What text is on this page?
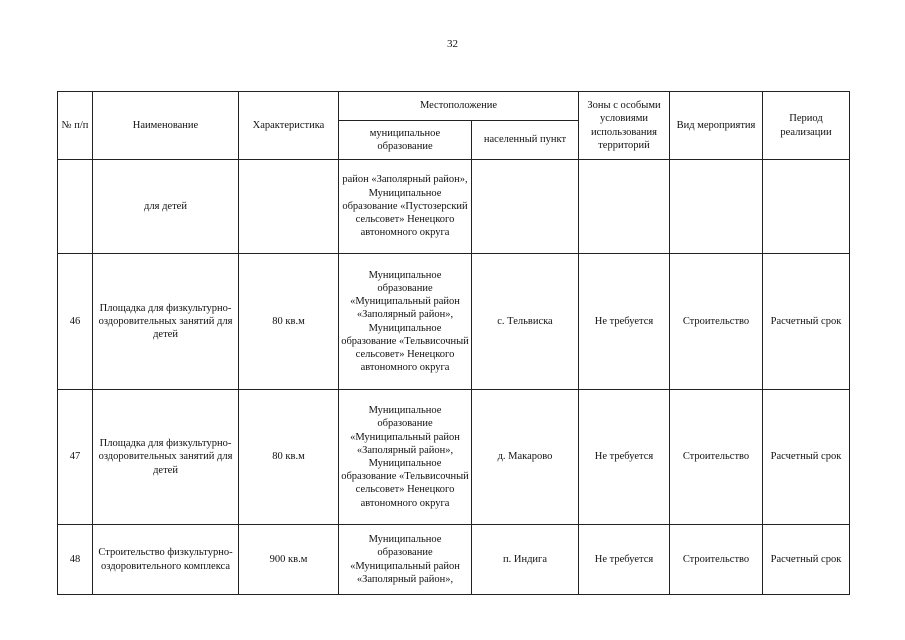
32
№ п/п	Наименование	Характеристика	Местоположение		Зоны с особыми условиями использования территорий	Вид мероприятия	Период реализации
			муниципальное образование	населенный пункт			
	для детей		район «Заполярный район», Муниципальное образование «Пустозерский сельсовет» Ненецкого автономного округа				
46	Площадка для физкультурно-оздоровительных занятий для детей	80 кв.м	Муниципальное образование «Муниципальный район «Заполярный район», Муниципальное образование «Тельвисочный сельсовет» Ненецкого автономного округа	с. Тельвиска	Не требуется	Строительство	Расчетный срок
47	Площадка для физкультурно-оздоровительных занятий для детей	80 кв.м	Муниципальное образование «Муниципальный район «Заполярный район», Муниципальное образование «Тельвисочный сельсовет» Ненецкого автономного округа	д. Макарово	Не требуется	Строительство	Расчетный срок
48	Строительство физкультурно-оздоровительного комплекса	900 кв.м	Муниципальное образование «Муниципальный район «Заполярный район»,	п. Индига	Не требуется	Строительство	Расчетный срок
